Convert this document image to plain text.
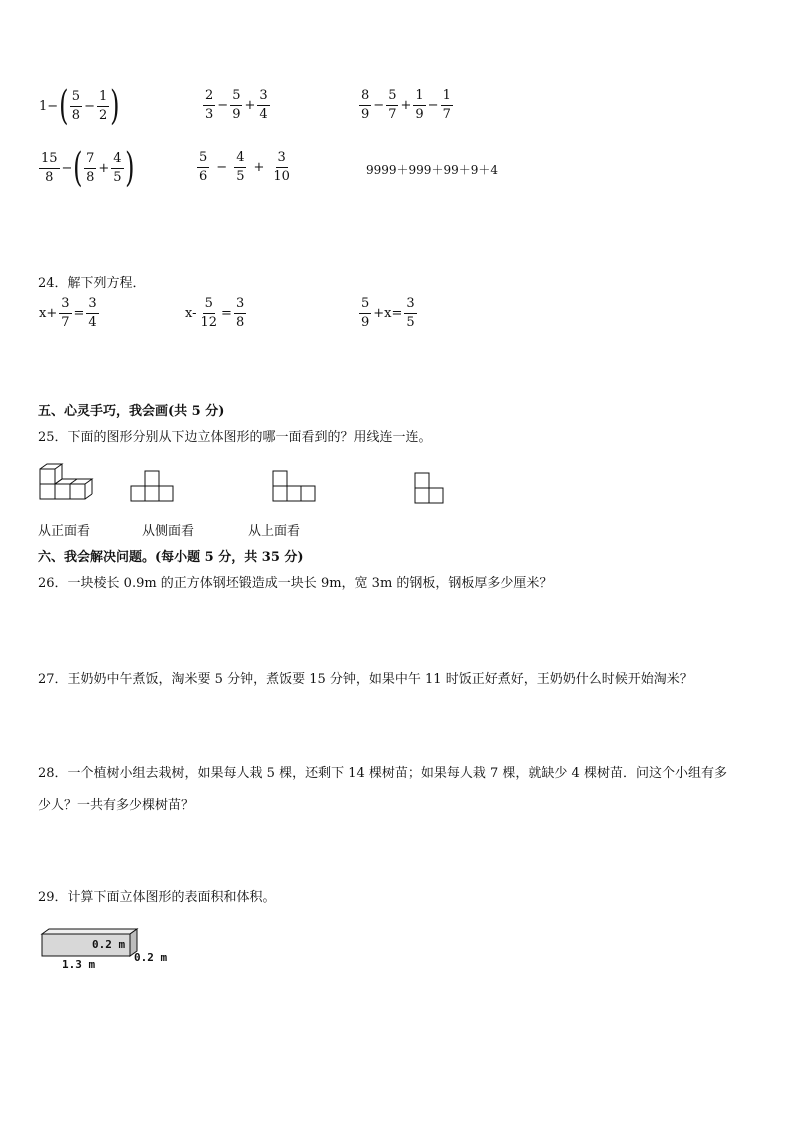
1− ( $\frac{5}{8} - \frac{1}{2}$ )	$\frac{2}{3} - \frac{5}{9} + \frac{3}{4}$	$\frac{8}{9} - \frac{5}{7} + \frac{1}{9} - \frac{1}{7}$
$\frac{15}{8}$ − ( $\frac{7}{8} + \frac{4}{5}$ )	$\frac{5}{6} - \frac{4}{5} + \frac{3}{10}$	9999＋999＋99＋9＋4
24．解下列方程．
$x+ \frac{3}{7} = \frac{3}{4}$	$x- \frac{5}{12} = \frac{3}{8}$	$\frac{5}{9} +x= \frac{3}{5}$
五、心灵手巧，我会画(共 5 分)
25．下面的图形分别从下边立体图形的哪一面看到的？用线连一连。
从正面看	从侧面看	从上面看
六、我会解决问题。(每小题 5 分，共 35 分)
26．一块棱长 0.9m 的正方体钢坯锻造成一块长 9m，宽 3m 的钢板，钢板厚多少厘米？
27．王奶奶中午煮饭，淘米要 5 分钟，煮饭要 15 分钟，如果中午 11 时饭正好煮好，王奶奶什么时候开始淘米？
28．一个植树小组去栽树，如果每人栽 5 棵，还剩下 14 棵树苗；如果每人栽 7 棵，就缺少 4 棵树苗．问这个小组有多
少人？一共有多少棵树苗？
29．计算下面立体图形的表面积和体积。
0.2 m
0.2 m
1.3 m
